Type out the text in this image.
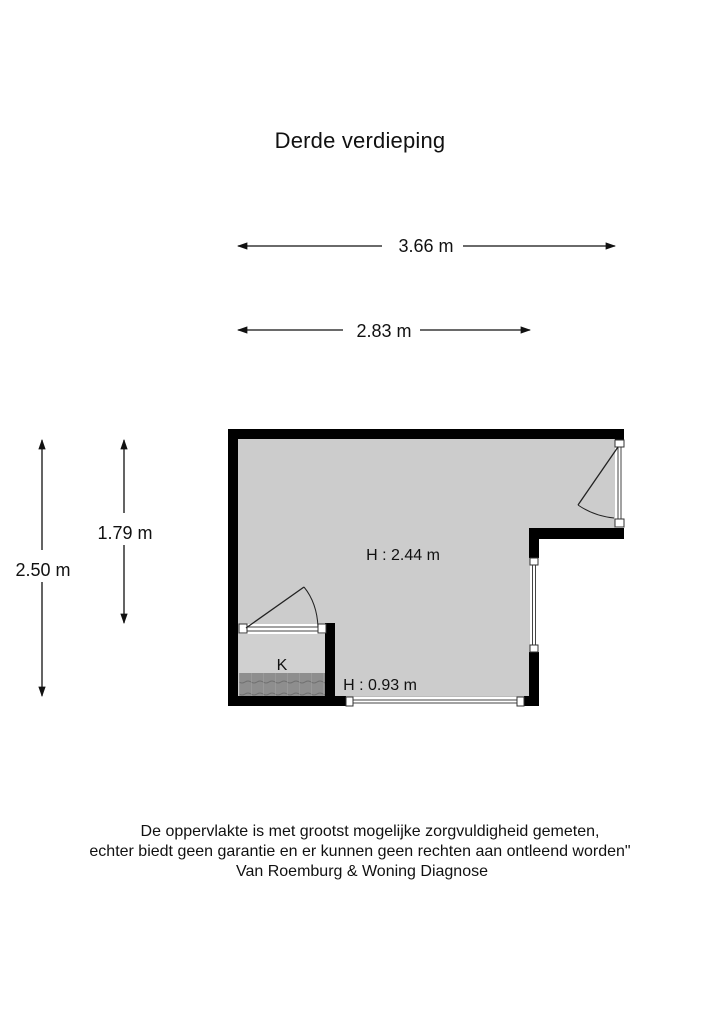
Derde verdieping
3.66 m
2.83 m
2.50 m
1.79 m
H : 2.44 m
H : 0.93 m
K
De oppervlakte is met grootst mogelijke zorgvuldigheid gemeten,
echter biedt geen garantie en er kunnen geen rechten aan ontleend worden"
Van Roemburg & Woning Diagnose
